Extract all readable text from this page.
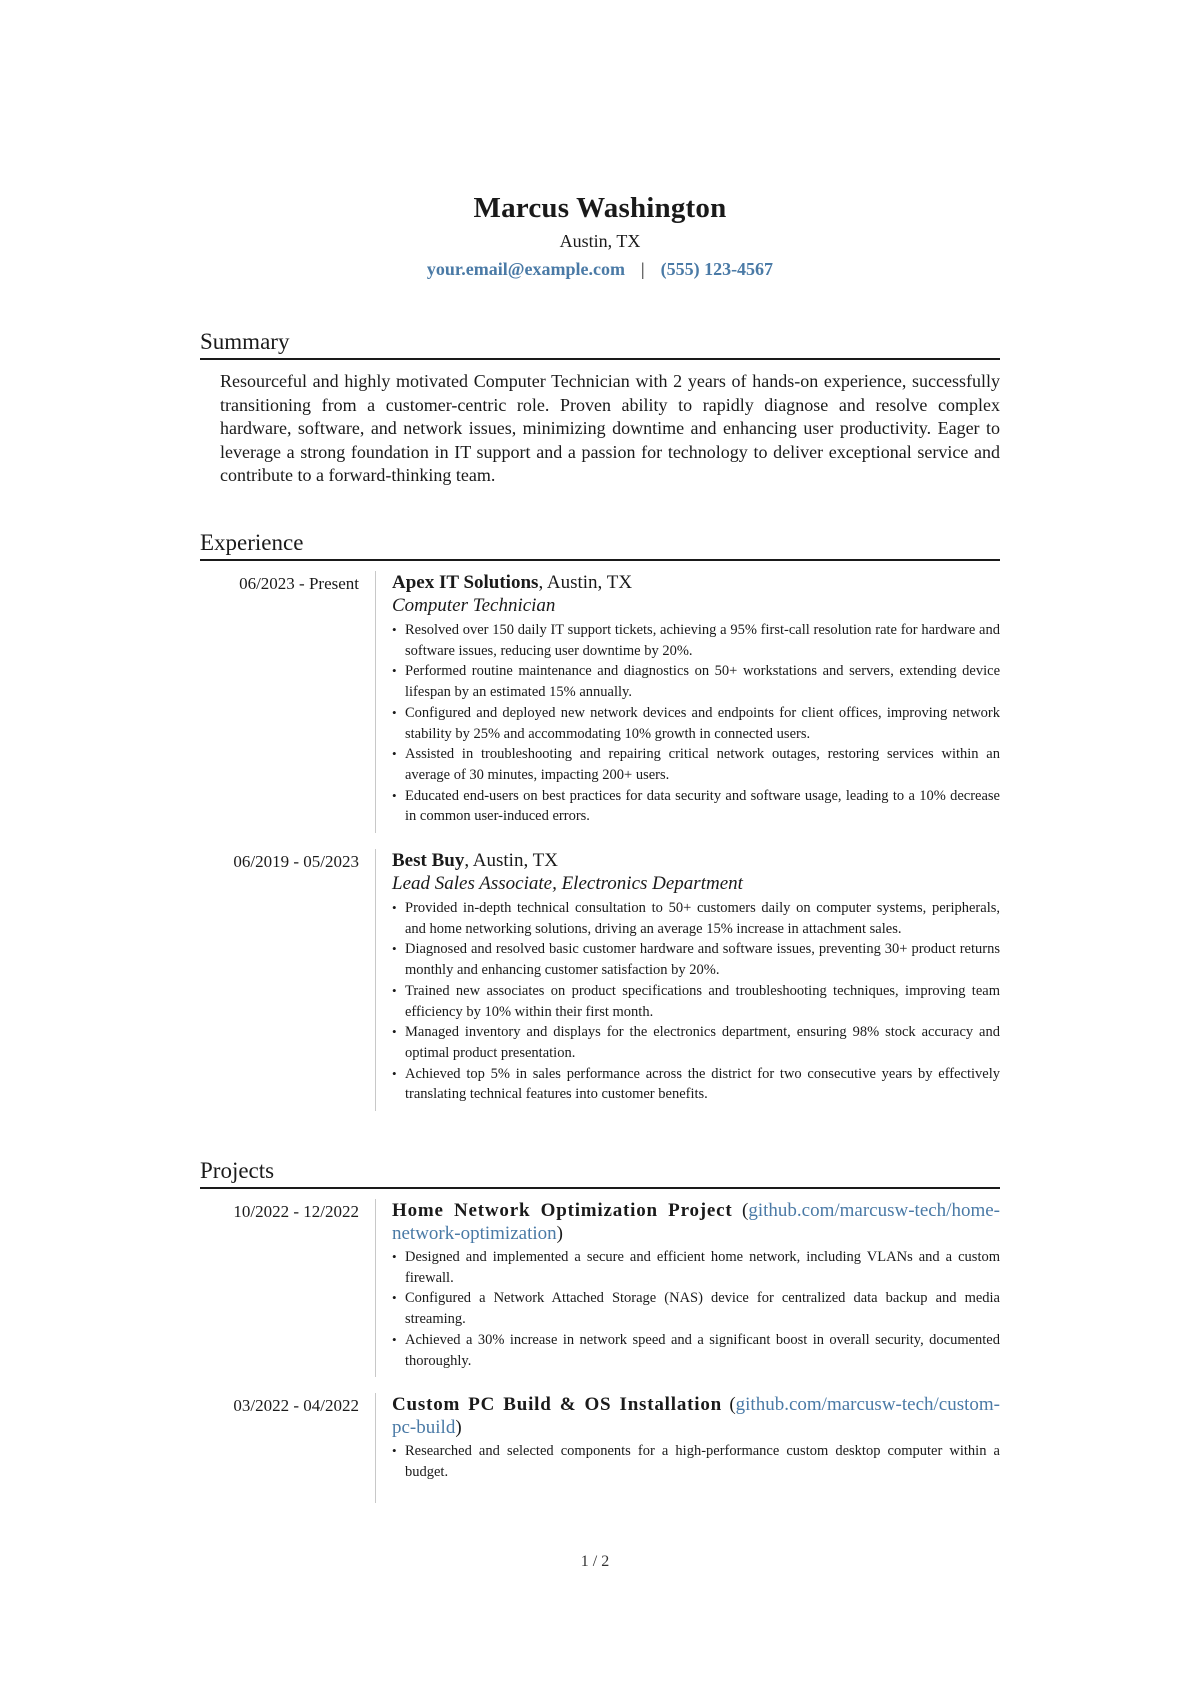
Marcus Washington
Austin, TX
your.email@example.com | (555) 123-4567
Summary

Resourceful and highly motivated Computer Technician with 2 years of hands-on experience, successfully transitioning from a customer-centric role. Proven ability to rapidly diagnose and resolve complex hardware, software, and network issues, minimizing downtime and enhancing user productivity. Eager to leverage a strong foundation in IT support and a passion for technology to deliver exceptional service and contribute to a forward-thinking team.

Experience
06/2023 - Present	Apex IT Solutions, Austin, TX
Computer Technician
• Resolved over 150 daily IT support tickets, achieving a 95% first-call resolution rate for hardware and software issues, reducing user downtime by 20%.
• Performed routine maintenance and diagnostics on 50+ workstations and servers, extending device lifespan by an estimated 15% annually.
• Configured and deployed new network devices and endpoints for client offices, improving network stability by 25% and accommodating 10% growth in connected users.
• Assisted in troubleshooting and repairing critical network outages, restoring services within an average of 30 minutes, impacting 200+ users.
• Educated end-users on best practices for data security and software usage, leading to a 10% decrease in common user-induced errors.
06/2019 - 05/2023	Best Buy, Austin, TX
Lead Sales Associate, Electronics Department
• Provided in-depth technical consultation to 50+ customers daily on computer systems, peripherals, and home networking solutions, driving an average 15% increase in attachment sales.
• Diagnosed and resolved basic customer hardware and software issues, preventing 30+ product returns monthly and enhancing customer satisfaction by 20%.
• Trained new associates on product specifications and troubleshooting techniques, improving team efficiency by 10% within their first month.
• Managed inventory and displays for the electronics department, ensuring 98% stock accuracy and optimal product presentation.
• Achieved top 5% in sales performance across the district for two consecutive years by effectively translating technical features into customer benefits.
Projects
10/2022 - 12/2022	Home Network Optimization Project (github.com/marcusw-tech/home-network-optimization)
• Designed and implemented a secure and efficient home network, including VLANs and a custom firewall.
• Configured a Network Attached Storage (NAS) device for centralized data backup and media streaming.
• Achieved a 30% increase in network speed and a significant boost in overall security, documented thoroughly.
03/2022 - 04/2022	Custom PC Build & OS Installation (github.com/marcusw-tech/custom-pc-build)
• Researched and selected components for a high-performance custom desktop computer within a budget.
1 / 2
